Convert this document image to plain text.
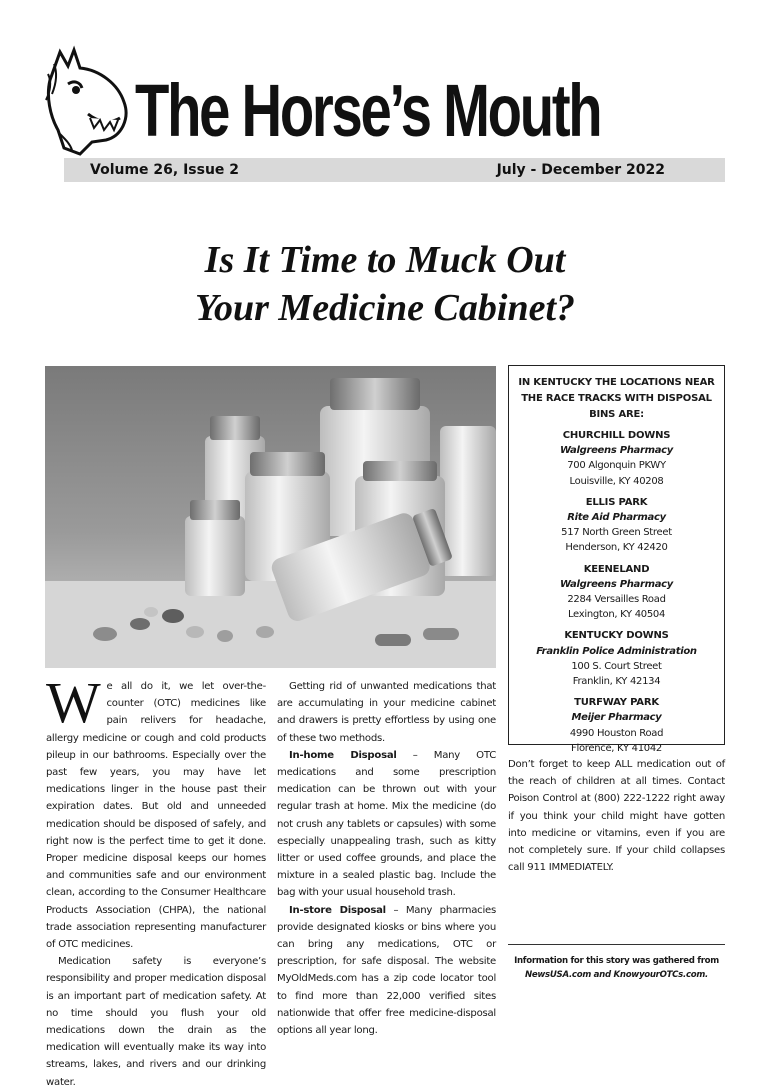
The Horse’s Mouth
Volume 26, Issue 2	July - December 2022
Is It Time to Muck Out
Your Medicine Cabinet?
IN KENTUCKY THE LOCATIONS NEAR THE RACE TRACKS WITH DISPOSAL BINS ARE:
CHURCHILL DOWNS
Walgreens Pharmacy
700 Algonquin PKWY
Louisville, KY 40208
ELLIS PARK
Rite Aid Pharmacy
517 North Green Street
Henderson, KY 42420
KEENELAND
Walgreens Pharmacy
2284 Versailles Road
Lexington, KY 40504
KENTUCKY DOWNS
Franklin Police Administration
100 S. Court Street
Franklin, KY 42134
TURFWAY PARK
Meijer Pharmacy
4990 Houston Road
Florence, KY 41042

We all do it, we let over-the-counter (OTC) medicines like pain relivers for headache, allergy medicine or cough and cold products pileup in our bathrooms. Especially over the past few years, you may have let medications linger in the house past their expiration dates. But old and unneeded medication should be disposed of safely, and right now is the perfect time to get it done. Proper medicine disposal keeps our homes and communities safe and our environment clean, according to the Consumer Healthcare Products Association (CHPA), the national trade association representing manufacturer of OTC medicines.

Medication safety is everyone’s responsibility and proper medication disposal is an important part of medication safety. At no time should you flush your old medications down the drain as the medication will eventually make its way into streams, lakes, and rivers and our drinking water.

Getting rid of unwanted medications that are accumulating in your medicine cabinet and drawers is pretty effortless by using one of these two methods.

In-home Disposal – Many OTC medications and some prescription medication can be thrown out with your regular trash at home. Mix the medicine (do not crush any tablets or capsules) with some especially unappealing trash, such as kitty litter or used coffee grounds, and place the mixture in a sealed plastic bag. Include the bag with your usual household trash.

In-store Disposal – Many pharmacies provide designated kiosks or bins where you can bring any medications, OTC or prescription, for safe disposal. The website MyOldMeds.com has a zip code locator tool to find more than 22,000 verified sites nationwide that offer free medicine-disposal options all year long.

Don’t forget to keep ALL medication out of the reach of children at all times. Contact Poison Control at (800) 222-1222 right away if you think your child might have gotten into medicine or vitamins, even if you are not completely sure. If your child collapses call 911 IMMEDIATELY.

Information for this story was gathered from
NewsUSA.com and KnowyourOTCs.com.
